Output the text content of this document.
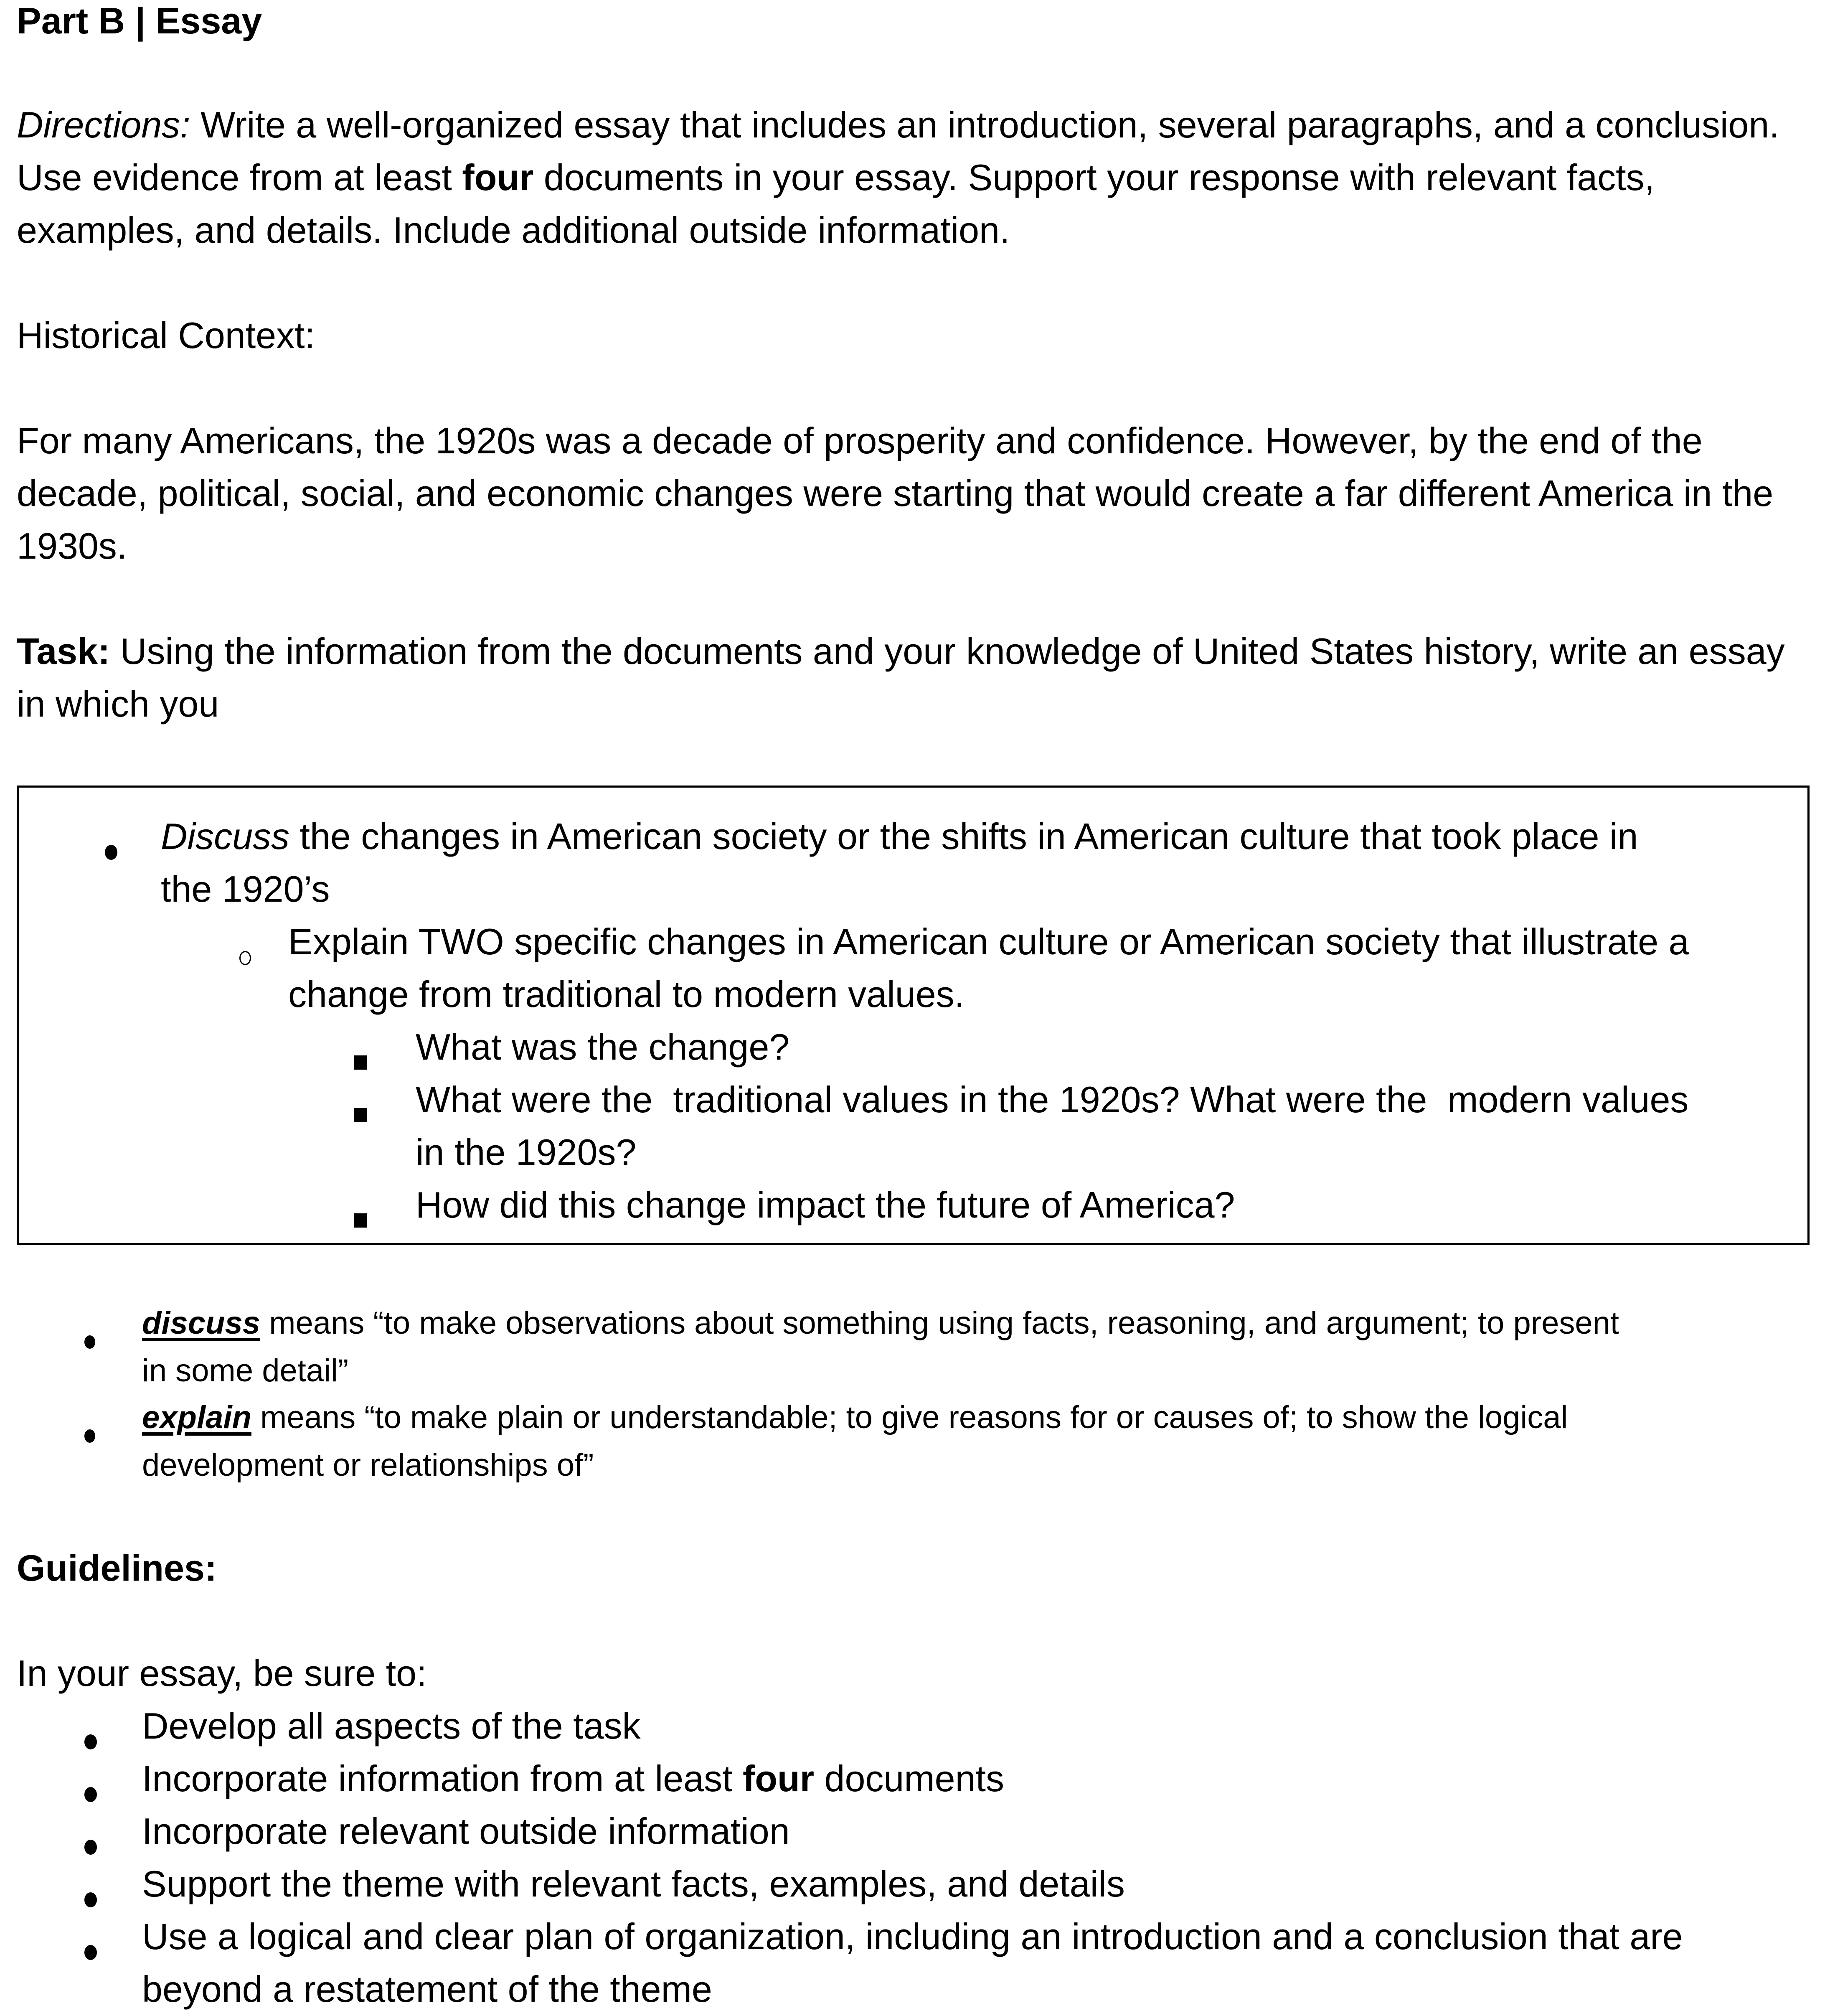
Part B | Essay
Directions: Write a well-organized essay that includes an introduction, several paragraphs, and a conclusion. Use evidence from at least four documents in your essay. Support your response with relevant facts, examples, and details. Include additional outside information.
Historical Context:
For many Americans, the 1920s was a decade of prosperity and confidence. However, by the end of the decade, political, social, and economic changes were starting that would create a far different America in the 1930s.
Task: Using the information from the documents and your knowledge of United States history, write an essay in which you
Discuss the changes in American society or the shifts in American culture that took place in
the 1920’s
Explain TWO specific changes in American culture or American society that illustrate a
change from traditional to modern values.
What was the change?
What were the  traditional values in the 1920s? What were the  modern values
in the 1920s?
How did this change impact the future of America?
discuss means “to make observations about something using facts, reasoning, and argument; to present
in some detail”
explain means “to make plain or understandable; to give reasons for or causes of; to show the logical
development or relationships of”
Guidelines:
In your essay, be sure to:
Develop all aspects of the task
Incorporate information from at least four documents
Incorporate relevant outside information
Support the theme with relevant facts, examples, and details
Use a logical and clear plan of organization, including an introduction and a conclusion that are
beyond a restatement of the theme
